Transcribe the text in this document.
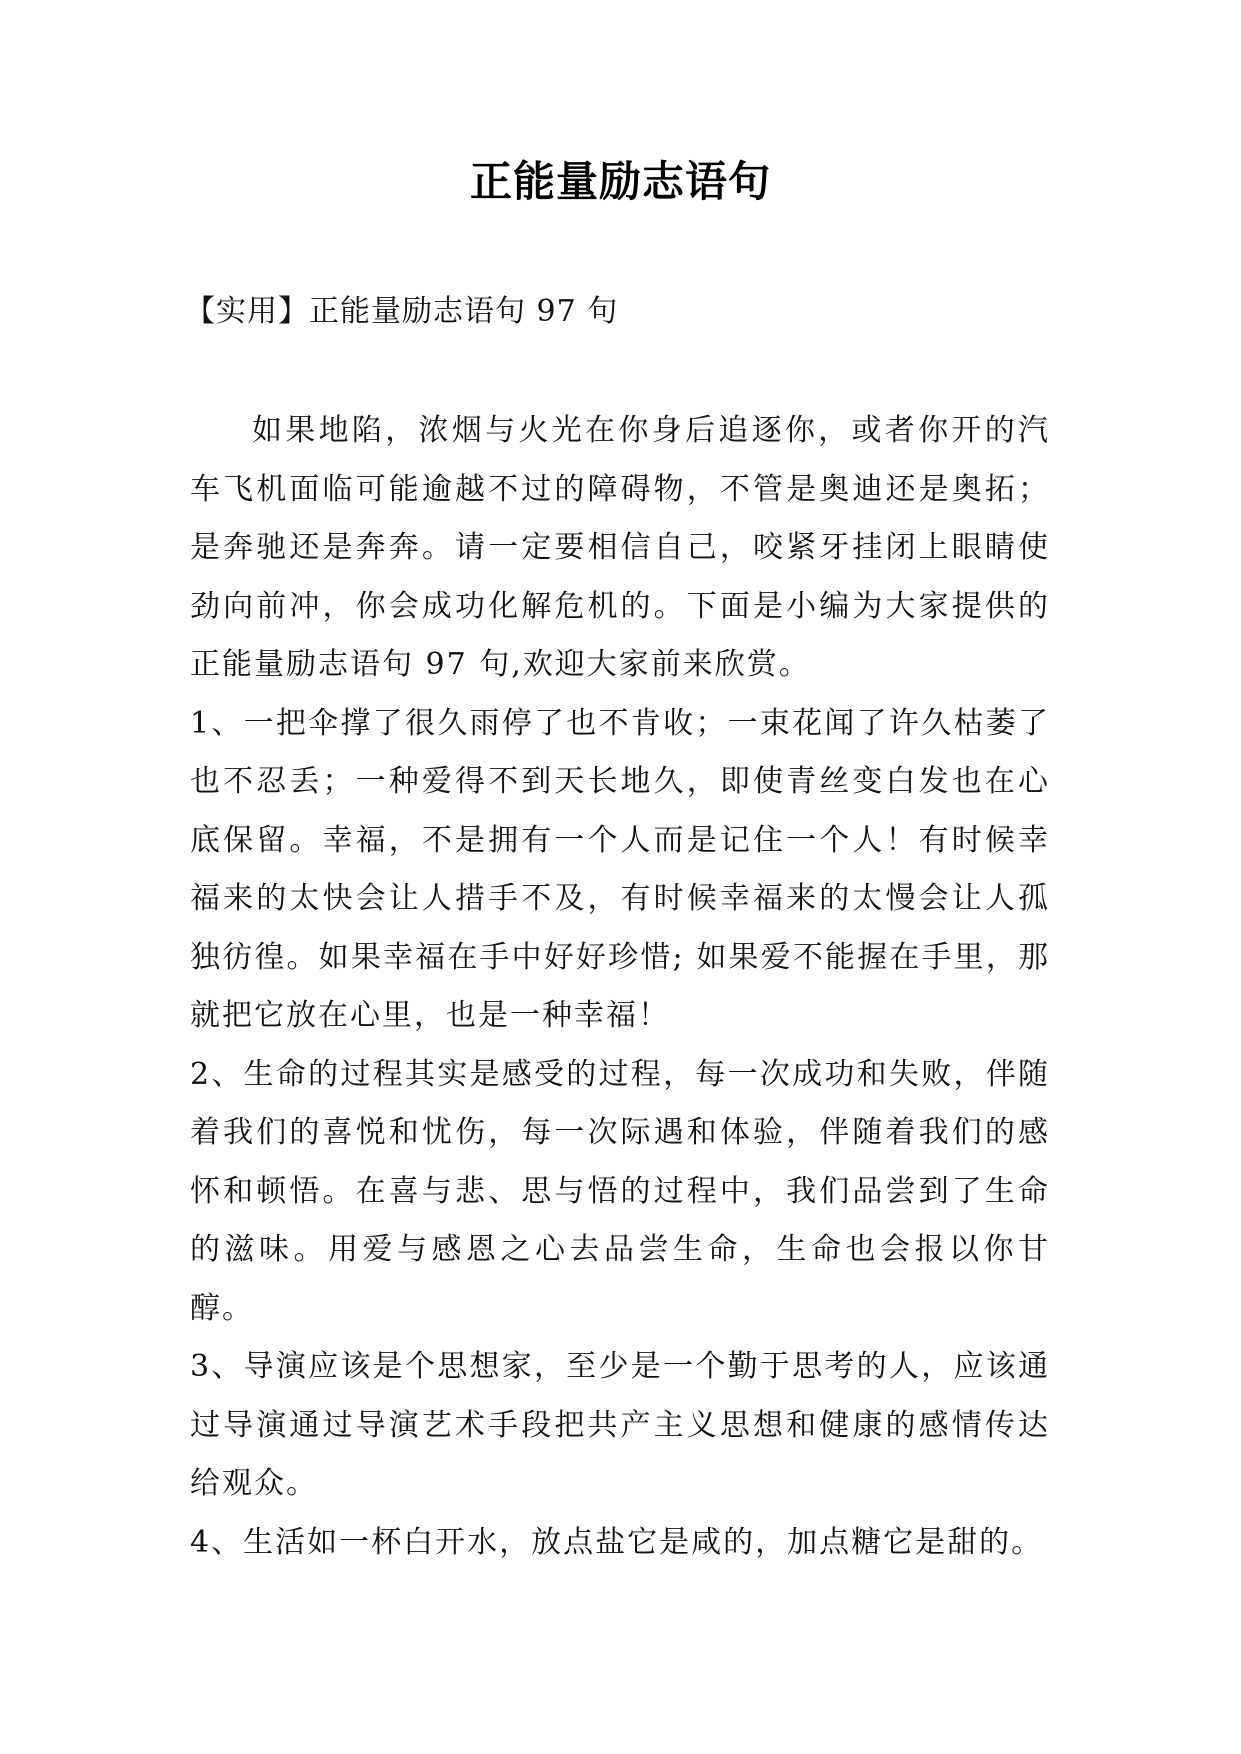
正能量励志语句

【实用】正能量励志语句 97 句

如果地陷，浓烟与火光在你身后追逐你，或者你开的汽车飞机面临可能逾越不过的障碍物，不管是奥迪还是奥拓；是奔驰还是奔奔。请一定要相信自己，咬紧牙挂闭上眼睛使劲向前冲，你会成功化解危机的。下面是小编为大家提供的正能量励志语句 97 句,欢迎大家前来欣赏。

1、一把伞撑了很久雨停了也不肯收；一束花闻了许久枯萎了也不忍丢；一种爱得不到天长地久，即使青丝变白发也在心底保留。幸福，不是拥有一个人而是记住一个人！有时候幸福来的太快会让人措手不及，有时候幸福来的太慢会让人孤独彷徨。如果幸福在手中好好珍惜; 如果爱不能握在手里，那就把它放在心里，也是一种幸福！

2、生命的过程其实是感受的过程，每一次成功和失败，伴随着我们的喜悦和忧伤，每一次际遇和体验，伴随着我们的感怀和顿悟。在喜与悲、思与悟的过程中，我们品尝到了生命的滋味。用爱与感恩之心去品尝生命，生命也会报以你甘醇。

3、导演应该是个思想家，至少是一个勤于思考的人，应该通过导演通过导演艺术手段把共产主义思想和健康的感情传达给观众。

4、生活如一杯白开水，放点盐它是咸的，加点糖它是甜的。
